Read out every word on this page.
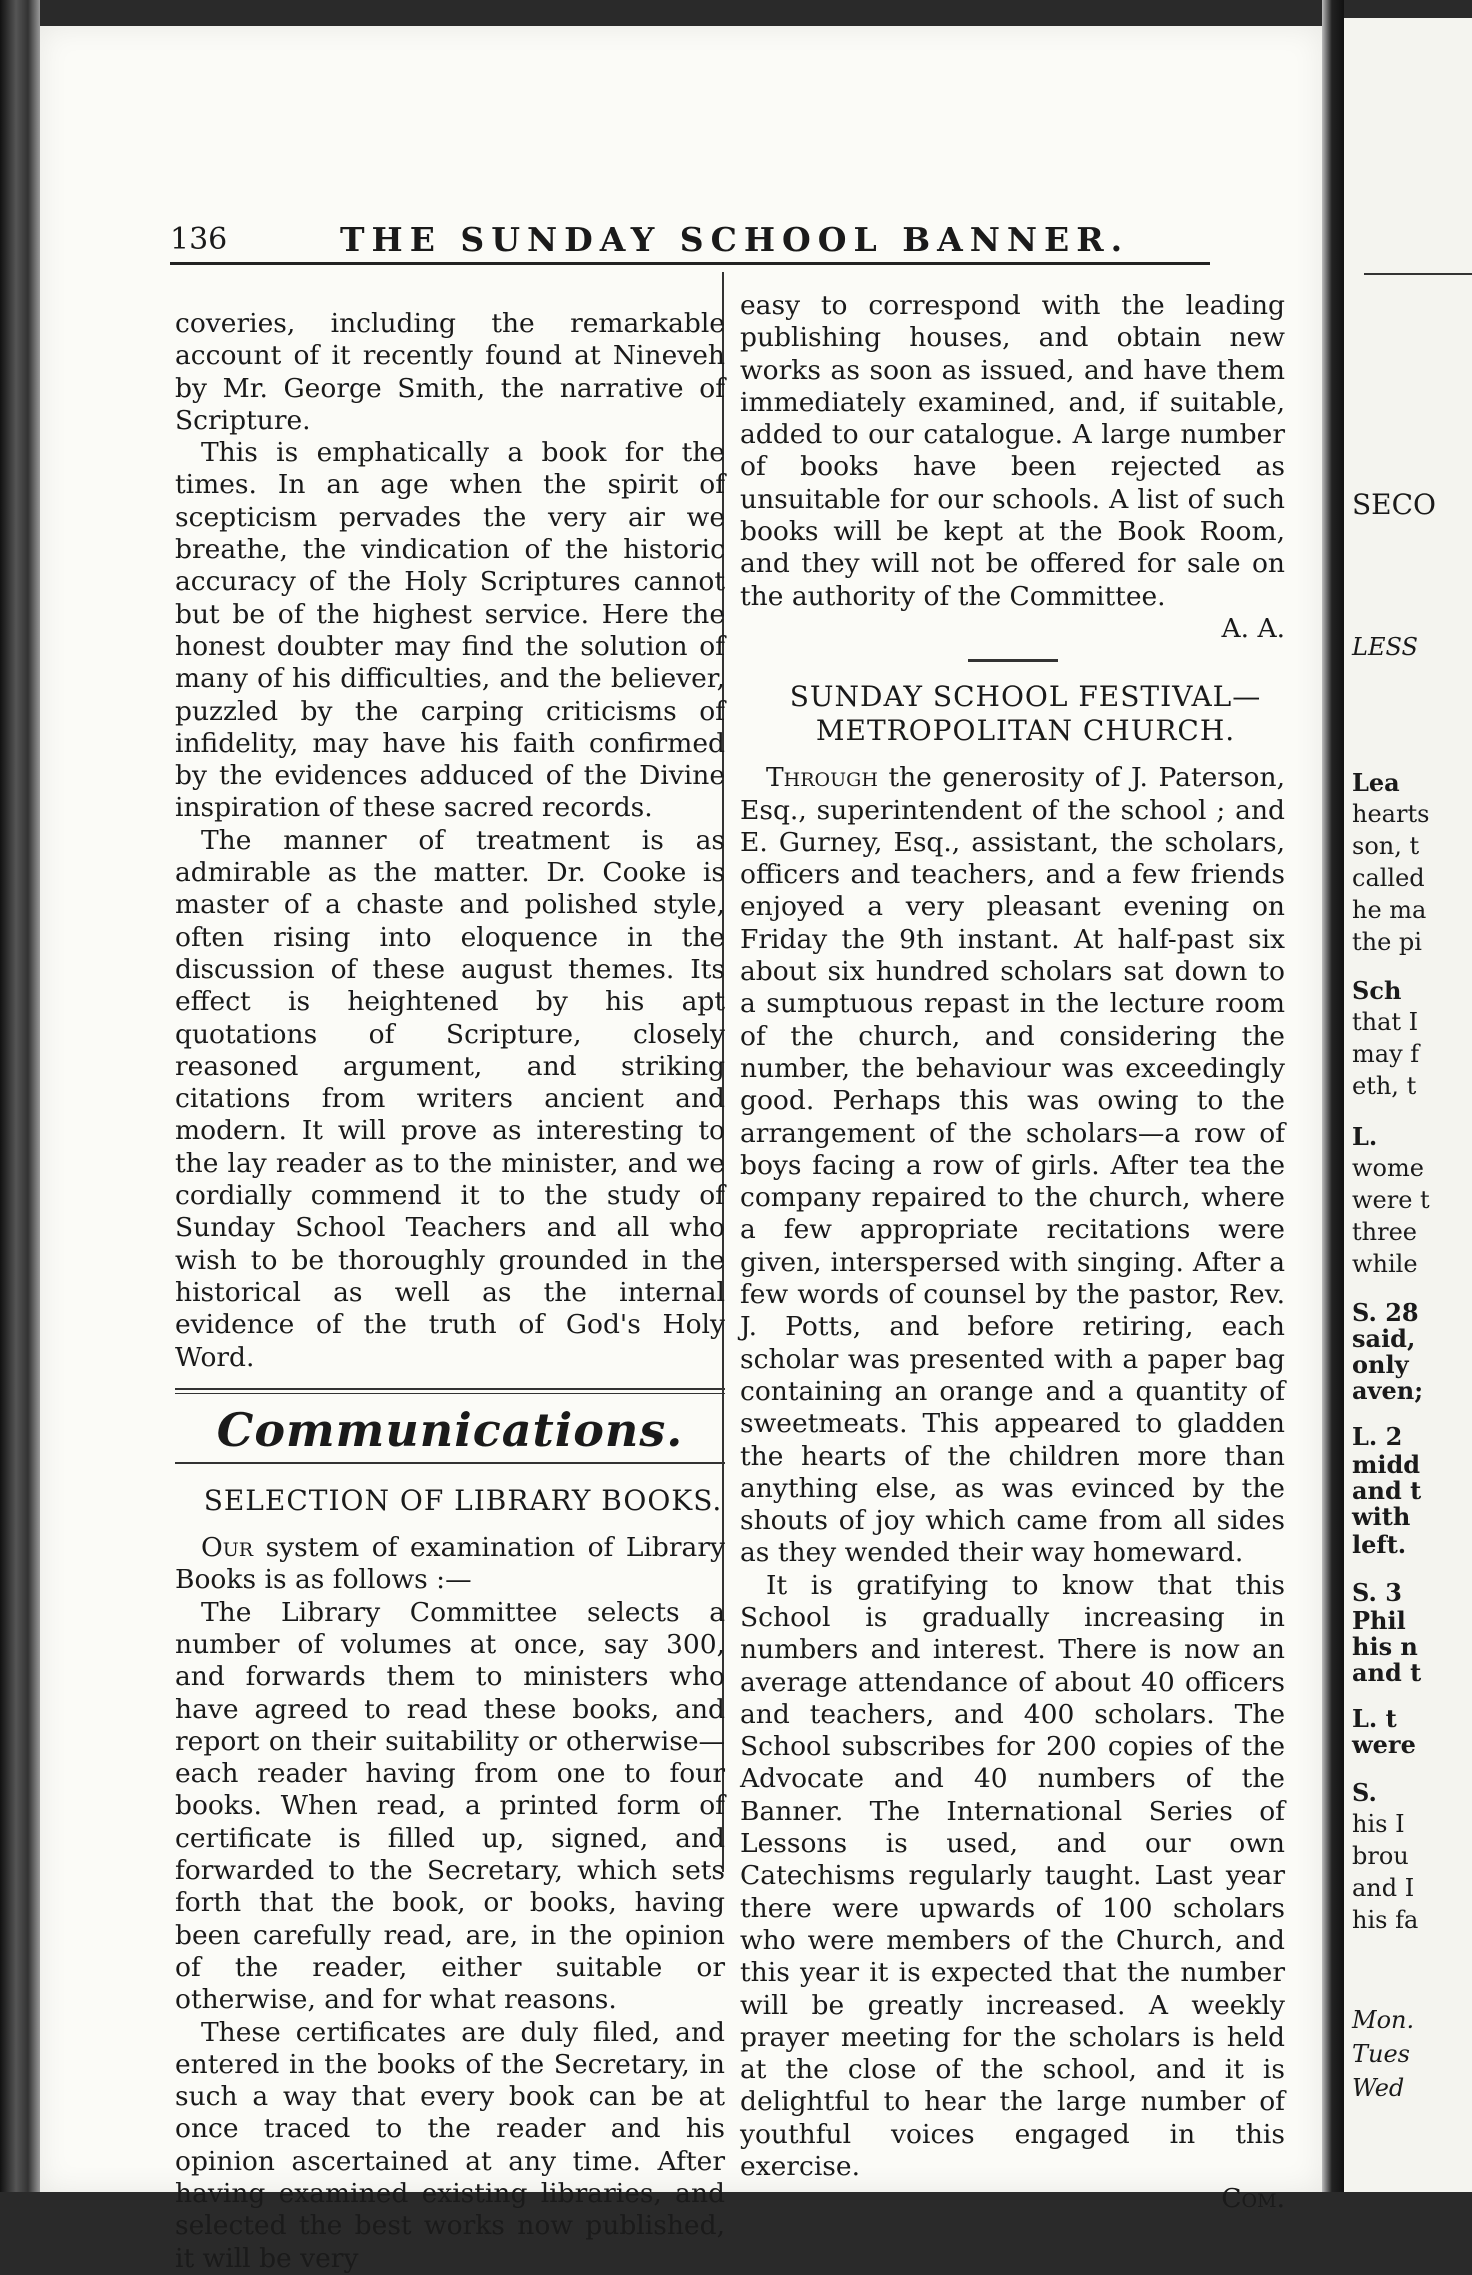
136	THE SUNDAY SCHOOL BANNER.

coveries, including the remarkable account of it recently found at Nineveh by Mr. George Smith, the narrative of Scripture.

This is emphatically a book for the times. In an age when the spirit of scepticism pervades the very air we breathe, the vindication of the historic accuracy of the Holy Scriptures cannot but be of the highest service. Here the honest doubter may find the solution of many of his difficulties, and the believer, puzzled by the carping criticisms of infidelity, may have his faith confirmed by the evidences adduced of the Divine inspiration of these sacred records.

The manner of treatment is as admirable as the matter. Dr. Cooke is master of a chaste and polished style, often rising into eloquence in the discussion of these august themes. Its effect is heightened by his apt quotations of Scripture, closely reasoned argument, and striking citations from writers ancient and modern. It will prove as interesting to the lay reader as to the minister, and we cordially commend it to the study of Sunday School Teachers and all who wish to be thoroughly grounded in the historical as well as the internal evidence of the truth of God's Holy Word.

Communications.

SELECTION OF LIBRARY BOOKS.

Our system of examination of Library Books is as follows :—

The Library Committee selects a number of volumes at once, say 300, and forwards them to ministers who have agreed to read these books, and report on their suitability or otherwise—each reader having from one to four books. When read, a printed form of certificate is filled up, signed, and forwarded to the Secretary, which sets forth that the book, or books, having been carefully read, are, in the opinion of the reader, either suitable or otherwise, and for what reasons.

These certificates are duly filed, and entered in the books of the Secretary, in such a way that every book can be at once traced to the reader and his opinion ascertained at any time. After having examined existing libraries, and selected the best works now published, it will be very

easy to correspond with the leading publishing houses, and obtain new works as soon as issued, and have them immediately examined, and, if suitable, added to our catalogue. A large number of books have been rejected as unsuitable for our schools. A list of such books will be kept at the Book Room, and they will not be offered for sale on the authority of the Committee.

A. A.

SUNDAY SCHOOL FESTIVAL—

METROPOLITAN CHURCH.

Through the generosity of J. Paterson, Esq., superintendent of the school ; and E. Gurney, Esq., assistant, the scholars, officers and teachers, and a few friends enjoyed a very pleasant evening on Friday the 9th instant. At half-past six about six hundred scholars sat down to a sumptuous repast in the lecture room of the church, and considering the number, the behaviour was exceedingly good. Perhaps this was owing to the arrangement of the scholars—a row of boys facing a row of girls. After tea the company repaired to the church, where a few appropriate recitations were given, interspersed with singing. After a few words of counsel by the pastor, Rev. J. Potts, and before retiring, each scholar was presented with a paper bag containing an orange and a quantity of sweetmeats. This appeared to gladden the hearts of the children more than anything else, as was evinced by the shouts of joy which came from all sides as they wended their way homeward.

It is gratifying to know that this School is gradually increasing in numbers and interest. There is now an average attendance of about 40 officers and teachers, and 400 scholars. The School subscribes for 200 copies of the Advocate and 40 numbers of the Banner. The International Series of Lessons is used, and our own Catechisms regularly taught. Last year there were upwards of 100 scholars who were members of the Church, and this year it is expected that the number will be greatly increased. A weekly prayer meeting for the scholars is held at the close of the school, and it is delightful to hear the large number of youthful voices engaged in this exercise.

Com.
SECO
LESS
Lea
hearts
son, t
called
he ma
the pi
Sch
that I
may f
eth, t
L.
wome
were t
three
while
S. 28
said,
only
aven;
L. 2
midd
and t
with
left.
S. 3
Phil
his n
and t
L. t
were
S.
his I
brou
and I
his fa
Mon.
Tues
Wed
